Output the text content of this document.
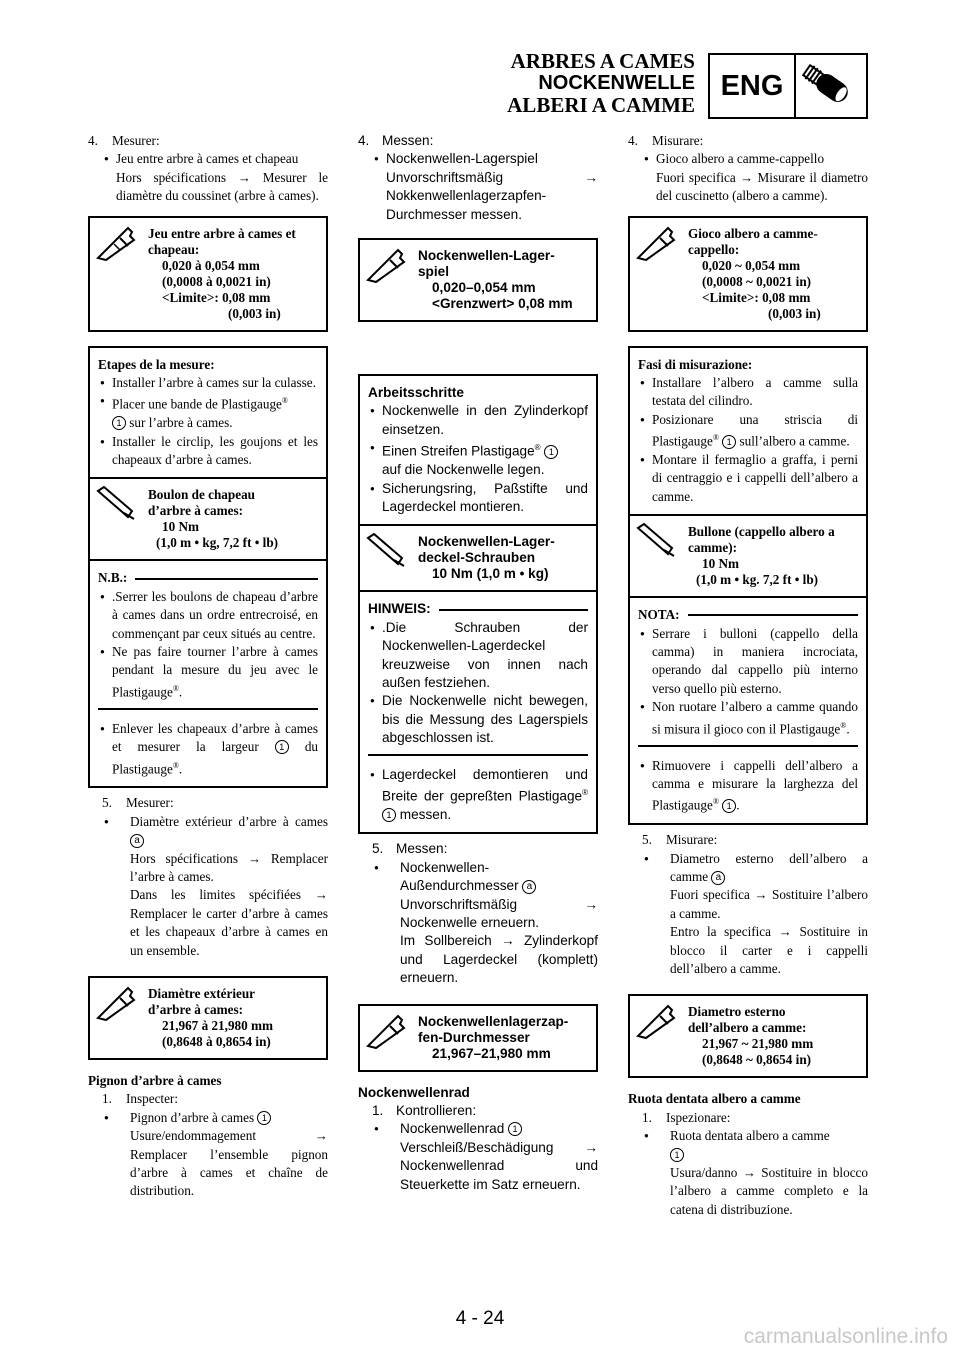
ARBRES A CAMES
NOCKENWELLE
ALBERI A CAMME
ENG
4. Mesurer:
● Jeu entre arbre à cames et chapeau
Hors spécifications → Mesurer le diamètre du coussinet (arbre à cames).
Jeu entre arbre à cames et
chapeau:
0,020 à 0,054 mm
(0,0008 à 0,0021 in)
<Limite>: 0,08 mm
(0,003 in)
Etapes de la mesure:
● Installer l’arbre à cames sur la culasse.
● Placer une bande de Plastigauge®
1 sur l’arbre à cames.
● Installer le circlip, les goujons et les chapeaux d’arbre à cames.
Boulon de chapeau
d’arbre à cames:
10 Nm
(1,0 m • kg, 7,2 ft • lb)
N.B.:
● .Serrer les boulons de chapeau d’arbre à cames dans un ordre entrecroisé, en commençant par ceux situés au centre.
● Ne pas faire tourner l’arbre à cames pendant la mesure du jeu avec le Plastigauge®.
● Enlever les chapeaux d’arbre à cames et mesurer la largeur 1 du Plastigauge®.
5. Mesurer:
● Diamètre extérieur d’arbre à cames a
Hors spécifications → Remplacer l’arbre à cames.
Dans les limites spécifiées → Remplacer le carter d’arbre à cames et les chapeaux d’arbre à cames en un ensemble.
Diamètre extérieur
d’arbre à cames:
21,967 à 21,980 mm
(0,8648 à 0,8654 in)
Pignon d’arbre à cames
1. Inspecter:
● Pignon d’arbre à cames 1
Usure/endommagement → Remplacer l’ensemble pignon d’arbre à cames et chaîne de distribution.
4. Messen:
● Nockenwellen-Lagerspiel
Unvorschriftsmäßig → Nokkenwellenlagerzapfen-Durchmesser messen.
Nockenwellen-Lager-
spiel
0,020–0,054 mm
<Grenzwert> 0,08 mm
Arbeitsschritte
● Nockenwelle in den Zylinderkopf einsetzen.
● Einen Streifen Plastigage® 1
auf die Nockenwelle legen.
● Sicherungsring, Paßstifte und Lagerdeckel montieren.
Nockenwellen-Lager-
deckel-Schrauben
10 Nm (1,0 m • kg)
HINWEIS:
● .Die Schrauben der Nockenwellen-Lagerdeckel kreuzweise von innen nach außen festziehen.
● Die Nockenwelle nicht bewegen, bis die Messung des Lagerspiels abgeschlossen ist.
● Lagerdeckel demontieren und Breite der gepreßten Plastigage® 1 messen.
5. Messen:
● Nockenwellen-Außendurchmesser a
Unvorschriftsmäßig → Nockenwelle erneuern.
Im Sollbereich → Zylinderkopf und Lagerdeckel (komplett) erneuern.
Nockenwellenlagerzap-
fen-Durchmesser
21,967–21,980 mm
Nockenwellenrad
1. Kontrollieren:
● Nockenwellenrad 1
Verschleiß/Beschädigung → Nockenwellenrad und Steuerkette im Satz erneuern.
4. Misurare:
● Gioco albero a camme-cappello
Fuori specifica → Misurare il diametro del cuscinetto (albero a camme).
Gioco albero a camme-
cappello:
0,020 ~ 0,054 mm
(0,0008 ~ 0,0021 in)
<Limite>: 0,08 mm
(0,003 in)
Fasi di misurazione:
● Installare l’albero a camme sulla testata del cilindro.
● Posizionare una striscia di Plastigauge® 1 sull’albero a camme.
● Montare il fermaglio a graffa, i perni di centraggio e i cappelli dell’albero a camme.
Bullone (cappello albero a
camme):
10 Nm
(1,0 m • kg. 7,2 ft • lb)
NOTA:
● Serrare i bulloni (cappello della camma) in maniera incrociata, operando dal cappello più interno verso quello più esterno.
● Non ruotare l’albero a camme quando si misura il gioco con il Plastigauge®.
● Rimuovere i cappelli dell’albero a camma e misurare la larghezza del Plastigauge® 1 .
5. Misurare:
● Diametro esterno dell’albero a camme a
Fuori specifica → Sostituire l’albero a camme.
Entro la specifica → Sostituire in blocco il carter e i cappelli dell’albero a camme.
Diametro esterno
dell’albero a camme:
21,967 ~ 21,980 mm
(0,8648 ~ 0,8654 in)
Ruota dentata albero a camme
1. Ispezionare:
● Ruota dentata albero a camme
1
Usura/danno → Sostituire in blocco l’albero a camme completo e la catena di distribuzione.
4 - 24
carmanualsonline.info
